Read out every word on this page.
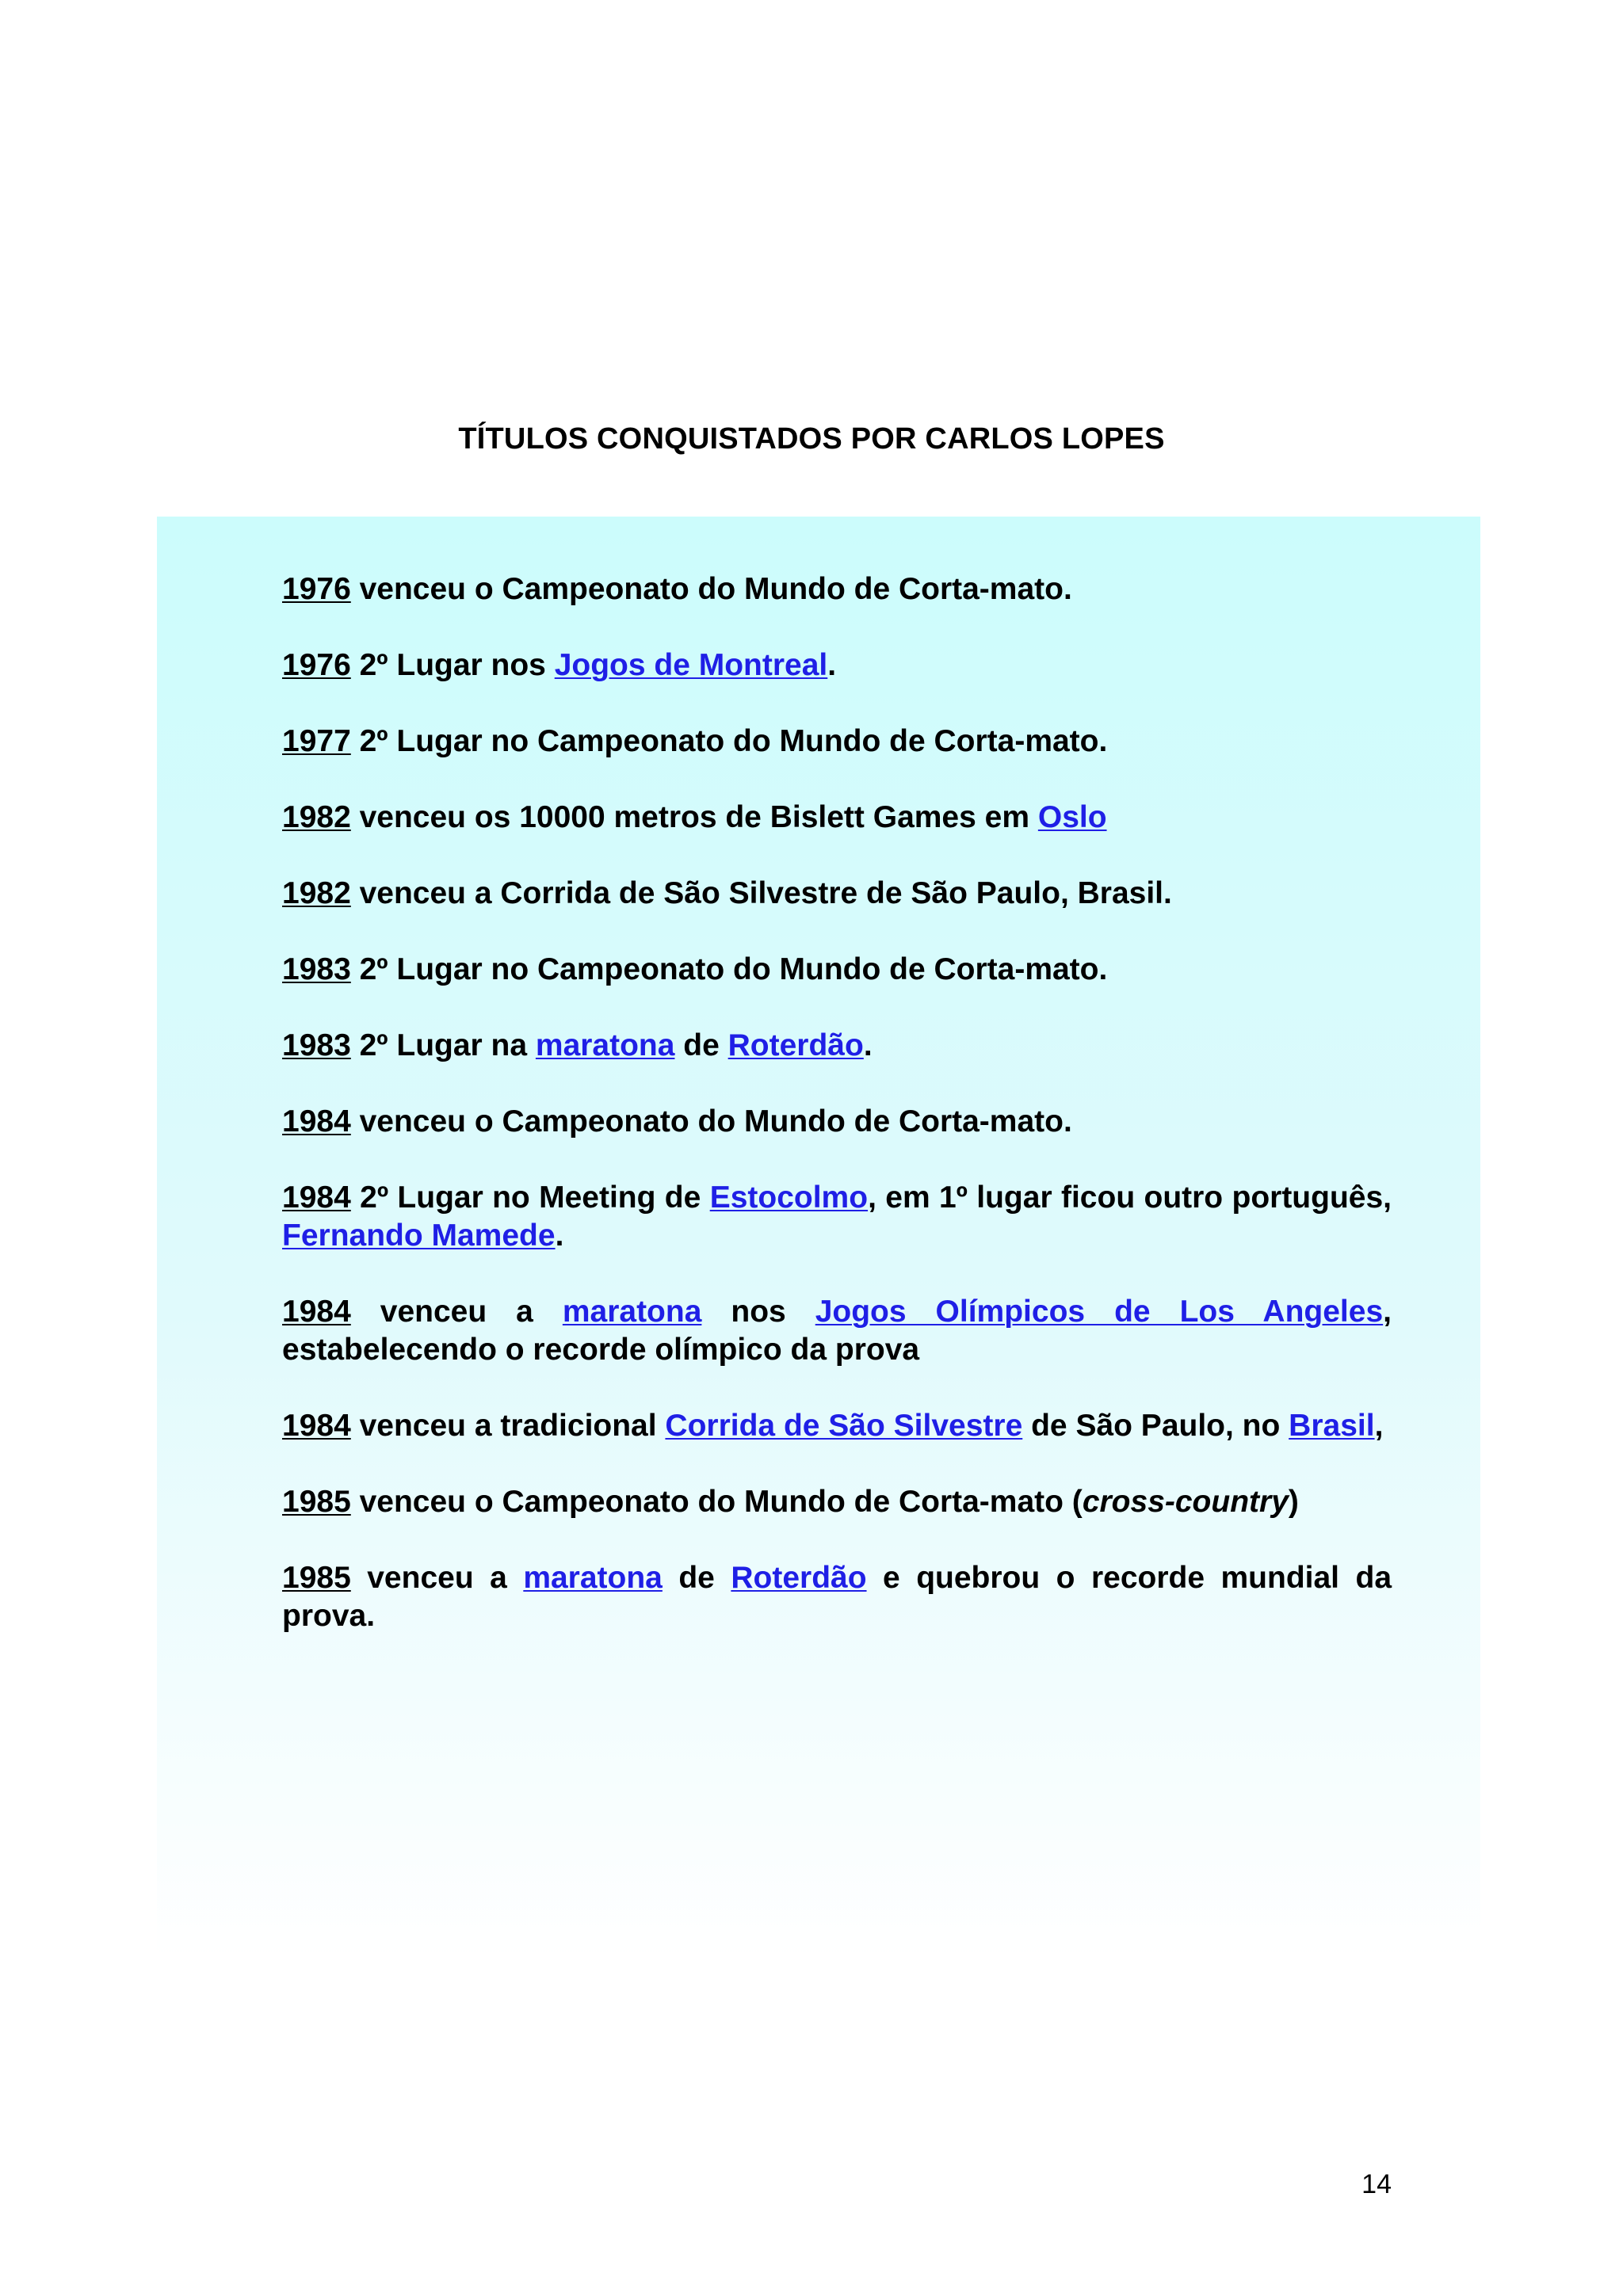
TÍTULOS CONQUISTADOS POR CARLOS LOPES

1976 venceu o Campeonato do Mundo de Corta-mato.

1976 2º Lugar nos Jogos de Montreal.

1977 2º Lugar no Campeonato do Mundo de Corta-mato.

1982 venceu os 10000 metros de Bislett Games em Oslo

1982 venceu a Corrida de São Silvestre de São Paulo, Brasil.

1983 2º Lugar no Campeonato do Mundo de Corta-mato.

1983 2º Lugar na maratona de Roterdão.

1984 venceu o Campeonato do Mundo de Corta-mato.

1984 2º Lugar no Meeting de Estocolmo, em 1º lugar ficou outro português, Fernando Mamede.

1984 venceu a maratona nos Jogos Olímpicos de Los Angeles, estabelecendo o recorde olímpico da prova

1984 venceu a tradicional Corrida de São Silvestre de São Paulo, no Brasil,

1985 venceu o Campeonato do Mundo de Corta-mato (cross-country)

1985 venceu a maratona de Roterdão e quebrou o recorde mundial da prova.

14
